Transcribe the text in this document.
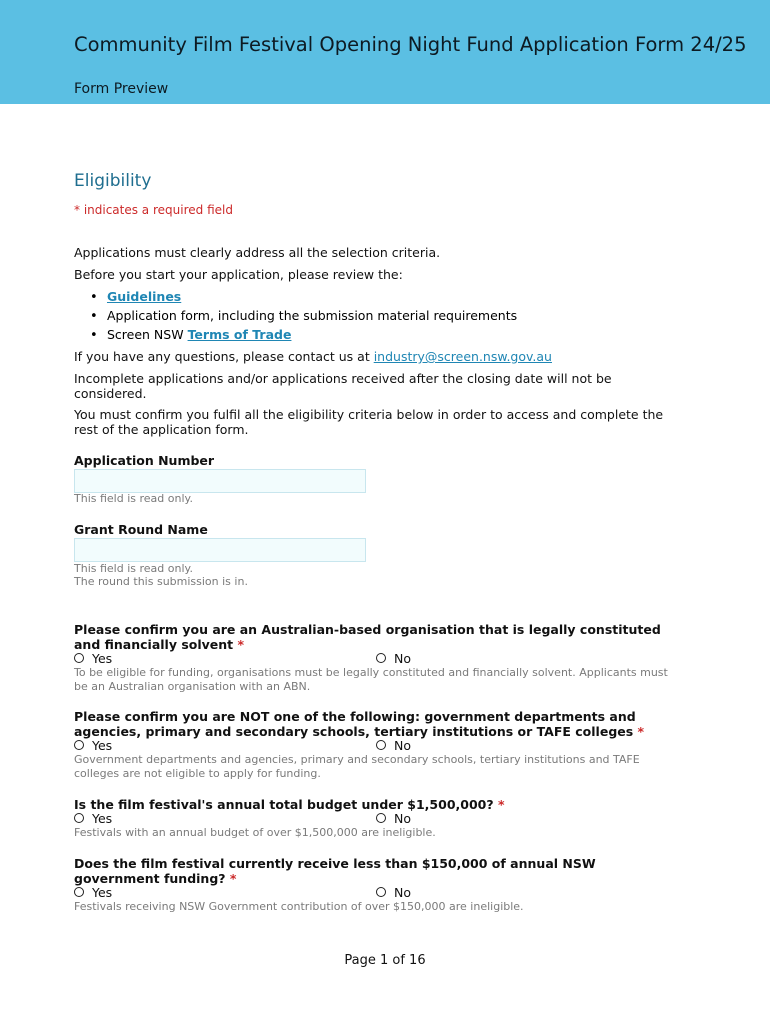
Community Film Festival Opening Night Fund Application Form 24/25
Form Preview
Eligibility
* indicates a required field
Applications must clearly address all the selection criteria.
Before you start your application, please review the:
• Guidelines
• Application form, including the submission material requirements
• Screen NSW Terms of Trade
If you have any questions, please contact us at industry@screen.nsw.gov.au
Incomplete applications and/or applications received after the closing date will not be considered.
You must confirm you fulfil all the eligibility criteria below in order to access and complete the rest of the application form.
Application Number
This field is read only.
Grant Round Name
This field is read only.
The round this submission is in.
Please confirm you are an Australian-based organisation that is legally constituted and financially solvent *
Yes	No
To be eligible for funding, organisations must be legally constituted and financially solvent. Applicants must be an Australian organisation with an ABN.
Please confirm you are NOT one of the following: government departments and agencies, primary and secondary schools, tertiary institutions or TAFE colleges *
Yes	No
Government departments and agencies, primary and secondary schools, tertiary institutions and TAFE colleges are not eligible to apply for funding.
Is the film festival's annual total budget under $1,500,000? *
Yes	No
Festivals with an annual budget of over $1,500,000 are ineligible.
Does the film festival currently receive less than $150,000 of annual NSW government funding? *
Yes	No
Festivals receiving NSW Government contribution of over $150,000 are ineligible.
Page 1 of 16
